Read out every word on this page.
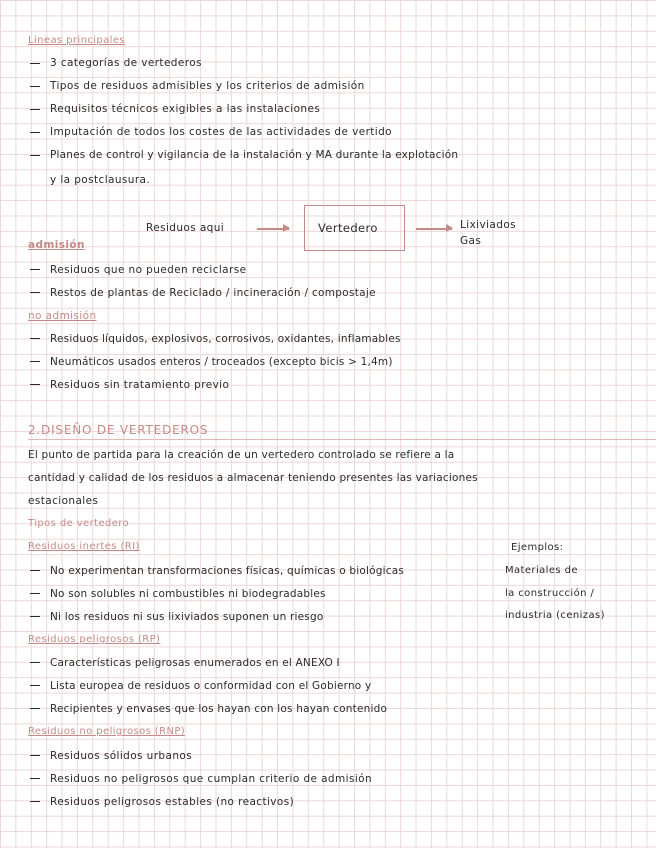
Lineas principales
3 categorías de vertederos
Tipos de residuos admisibles y los criterios de admisión
Requisitos técnicos exigibles a las instalaciones
Imputación de todos los costes de las actividades de vertido
Planes de control y vigilancia de la instalación y MA durante la explotación
y la postclausura.
Residuos aqui	Vertedero	Lixiviados
Gas
admisión
Residuos que no pueden reciclarse
Restos de plantas de Reciclado / incineración / compostaje
no admisión
Residuos líquidos, explosivos, corrosivos, oxidantes, inflamables
Neumáticos usados enteros / troceados (excepto bicis > 1,4m)
Residuos sin tratamiento previo
2.DISEÑO DE VERTEDEROS
El punto de partida para la creación de un vertedero controlado se refiere a la
cantidad y calidad de los residuos a almacenar teniendo presentes las variaciones
estacionales
Tipos de vertedero
Residuos inertes (RI)
No experimentan transformaciones físicas, químicas o biológicas
No son solubles ni combustibles ni biodegradables
Ni los residuos ni sus lixiviados suponen un riesgo
Ejemplos:
Materiales de
la construcción /
industria (cenizas)
Residuos peligrosos (RP)
Características peligrosas enumerados en el ANEXO I
Lista europea de residuos o conformidad con el Gobierno y
Recipientes y envases que los hayan con los hayan contenido
Residuos no peligrosos (RNP)
Residuos sólidos urbanos
Residuos no peligrosos que cumplan criterio de admisión
Residuos peligrosos estables (no reactivos)
